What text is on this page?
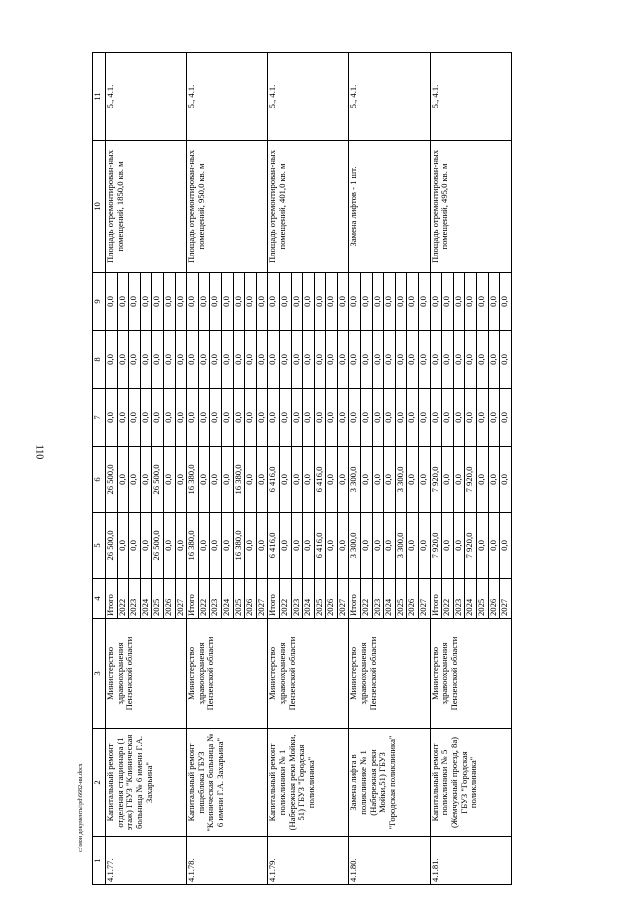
110
1	2	3	4	5	6	7	8	9	10	11
4.1.77.	Капитальный ремонт отделения стационара (1 этаж) ГБУЗ "Клиническая больница № 6 имени Г.А. Захарьина"	Министерство здравоохранения Пензенской области	Итого	26 500,0	26 500,0	0,0	0,0	0,0	Площадь отремонтирован-ных помещений, 1850,0 кв. м	5., 4.1.
			2022	0,0	0,0	0,0	0,0	0,0		
			2023	0,0	0,0	0,0	0,0	0,0		
			2024	0,0	0,0	0,0	0,0	0,0		
			2025	26 500,0	26 500,0	0,0	0,0	0,0		
			2026	0,0	0,0	0,0	0,0	0,0		
			2027	0,0	0,0	0,0	0,0	0,0		
4.1.78.	Капитальный ремонт пищеблока ГБУЗ "Клиническая больница № 6 имени Г.А. Захарьина"	Министерство здравоохранения Пензенской области	Итого	16 380,0	16 380,0	0,0	0,0	0,0	Площадь отремонтирован-ных помещений, 950,0 кв. м	5., 4.1.
			2022	0,0	0,0	0,0	0,0	0,0		
			2023	0,0	0,0	0,0	0,0	0,0		
			2024	0,0	0,0	0,0	0,0	0,0		
			2025	16 380,0	16 380,0	0,0	0,0	0,0		
			2026	0,0	0,0	0,0	0,0	0,0		
			2027	0,0	0,0	0,0	0,0	0,0		
4.1.79.	Капитальный ремонт поликлиники № 1 (Набережная реки Мойки, 51) ГБУЗ "Городская поликлиника"	Министерство здравоохранения Пензенской области	Итого	6 416,0	6 416,0	0,0	0,0	0,0	Площадь отремонтирован-ных помещений, 401,0 кв. м	5., 4.1.
			2022	0,0	0,0	0,0	0,0	0,0		
			2023	0,0	0,0	0,0	0,0	0,0		
			2024	0,0	0,0	0,0	0,0	0,0		
			2025	6 416,0	6 416,0	0,0	0,0	0,0		
			2026	0,0	0,0	0,0	0,0	0,0		
			2027	0,0	0,0	0,0	0,0	0,0		
4.1.80.	Замена лифта в поликлинике № 1 (Набережная реки Мойки,51) ГБУЗ "Городская поликлиника"	Министерство здравоохранения Пензенской области	Итого	3 300,0	3 300,0	0,0	0,0	0,0	Замена лифтов - 1 шт.	5., 4.1.
			2022	0,0	0,0	0,0	0,0	0,0		
			2023	0,0	0,0	0,0	0,0	0,0		
			2024	0,0	0,0	0,0	0,0	0,0		
			2025	3 300,0	3 300,0	0,0	0,0	0,0		
			2026	0,0	0,0	0,0	0,0	0,0		
			2027	0,0	0,0	0,0	0,0	0,0		
4.1.81.	Капитальный ремонт поликлиники № 5 (Жемчужный проезд, 8а) ГБУЗ "Городская поликлиника"	Министерство здравоохранения Пензенской области	Итого	7 920,0	7 920,0	0,0	0,0	0,0	Площадь отремонтирован-ных помещений, 495,0 кв. м	5., 4.1.
			2022	0,0	0,0	0,0	0,0	0,0		
			2023	0,0	0,0	0,0	0,0	0,0		
			2024	7 920,0	7 920,0	0,0	0,0	0,0		
			2025	0,0	0,0	0,0	0,0	0,0		
			2026	0,0	0,0	0,0	0,0	0,0		
			2027	0,0	0,0	0,0	0,0	0,0		
c:\мои документы\pd\6682-ии.docx
